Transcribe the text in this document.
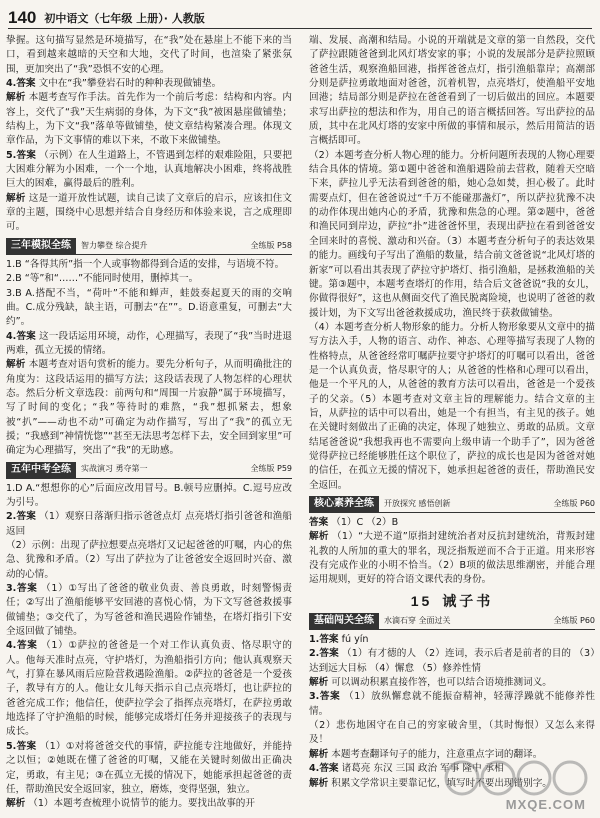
140 初中语文（七年级 上册）· 人教版

挚握。这句描写显然是环境描写，在“我”处在悬崖上不能下来的当口，看到越来越暗的天空和大地，交代了时间，也渲染了紧张氛围，更加突出了“我”恐惧不安的心理。

4.答案 文中在“我”攀登岩石时的种种表现做铺垫。

解析 本题考查写作手法。首先作为一个前后考虑：结构和内容。内容上，交代了“我”天生病弱的身体，为下文“我”被困悬崖做铺垫；结构上，为下文“我”落单等做铺垫，使文章结构紧凑合理。体现文章作品，为下文事情的难以下来，不敢下来做铺垫。

5.答案 （示例）在人生道路上，不管遇到怎样的艰难险阻，只要把大困难分解为小困难，一个一个地，认真地解决小困难，终将战胜巨大的困难，赢得最后的胜利。

解析 这是一道开放性试题，读自己读了文章后的启示，应该扣住文章的主题，围绕中心思想并结合自身经历和体验来说，言之成理即可。

三年模拟全练	智力攀登 综合提升	全练版 P58

1.B “各得其所”指一个人或事物都得到合适的安排，与语境不符。

2.B “等”和“……”不能同时使用，删掉其一。

3.B A.搭配不当，“荷叶”不能和蝉声，蛙鼓奏起夏天的雨的交响曲。C.成分残缺，缺主语，可删去“在””。D.语意重复，可删去“大约”。

4.答案 这一段话运用环境，动作，心理描写，表现了“我”当时进退两难，孤立无援的情绪。

解析 本题考查对语句赏析的能力。要先分析句子，从而明确批注的角度为：这段话运用的描写方法；这段话表现了人物怎样的心理状态。然后分析文章选段：前两句和“周围一片寂静”属于环境描写，写了时间的变化；“我”等待时的难熬，“我”想抓紧去，想象被“扒”——动也不动”可确定为动作描写，写出了“我”的孤立无援；“我感到”神情恍惚”“甚至无法思考怎样下去，安全回到家里”可确定为心理描写，突出了“我”的无助感。

五年中考全练	实战演习 勇夺第一	全练版 P59

1.D A.“想想你的心”后面应改用冒号。B.顿号应删掉。C.逗号应改为引号。

2.答案 （1）观察日落渐归指示爸爸点灯 点亮塔灯指引爸爸和渔船返回

（2）示例：出现了萨拉想要点亮塔灯又记起爸爸的叮嘱，内心的焦急、犹豫和矛盾。（2）写出了萨拉为了让爸爸安全返回时兴奋、激动的心情。

3.答案 （1）①写出了爸爸的敬业负责、善良勇敢，时刻警惕责任；②写出了渔船能够平安回港的喜悦心情，为下文写爸爸救援事做铺垫；③交代了，为写爸爸和渔民遇险作铺垫，在塔灯指引下安全返回做了铺垫。

4.答案 （1）①萨拉的爸爸是一个对工作认真负责、恪尽职守的人。他每天准时点亮，守护塔灯，为渔船指引方向；他认真观察天气，打算在暴风雨后应险营救遇险渔船。②萨拉的爸爸是一个爱孩子，教导有方的人。他让女儿每天指示自己点亮塔灯，也让萨拉的爸爸完成工作；他信任，使萨拉学会了指挥点亮塔灯，在萨拉勇敢地选择了守护渔船的时候，能够完成塔灯任务并迎接孩子的表现与成长。

5.答案 （1）①对将爸爸交代的事情，萨拉能专注地做好，并能持之以恒；②她既在懂了爸爸的叮嘱，又能在关键时刻做出正确决定，勇敢，有主见；③在孤立无援的情况下，她能承担起爸爸的责任，帮助渔民安全返回家，独立，磨炼，变得坚强，独立。

解析 （1）本题考查梳理小说情节的能力。要找出故事的开

端、发展、高潮和结局。小说的开端就是文章的第一自然段，交代了萨拉跟随爸爸到北风灯塔安家的事；小说的发展部分是萨拉照顾爸爸生活，观察渔船回港，指挥爸爸点灯，指引渔船靠岸；高潮部分则是萨拉勇敢地面对爸爸，沉着机智，点亮塔灯，使渔船平安地回港；结局部分则是萨拉在爸爸看到了一切后做出的回应。本题要求写出萨拉的想法和作为，用自己的语言概括回答。写出萨拉的品质，其中在北风灯塔的安家中所做的事情和展示，然后用简洁的语言概括即可。

（2）本题考查分析人物心理的能力。分析问题所表现的人物心理要结合具体的情境。第①题中爸爸和渔船遇险前去营救，随着天空暗下来，萨拉儿乎无法看到爸爸的船，她心急如焚，担心极了。此时需要点灯，但在爸爸说过“千万不能碰那盏灯”，所以萨拉犹豫不决的动作体现出她内心的矛盾，犹豫和焦急的心理。第②题中，爸爸和渔民同到岸边，萨拉“扑”进爸爸怀里，表现出萨拉在看到爸爸安全回来时的喜悦、激动和兴奋。（3）本题考查分析句子的表达效果的能力。画线句子写出了渔船的数量，结合前文爸爸说“北风灯塔的新家”可以看出其表现了萨拉守护塔灯、指引渔船，是拯救渔船的关键。第③题中，本题考查塔灯的作用，结合后文爸爸说“我的女儿，你做得很好”，这也从侧面交代了渔民脱离险境，也说明了爸爸的救援计划，为下文写出爸爸救援成功，渔民终于获救做铺垫。

（4）本题考查分析人物形象的能力。分析人物形象要从文章中的描写方法入手，人物的语言、动作、神态、心理等描写表现了人物的性格特点，从爸爸经常叮嘱萨拉要守护塔灯的叮嘱可以看出，爸爸是一个认真负责，恪尽职守的人；从爸爸的性格和心理可以看出，他是一个平凡的人，从爸爸的教育方法可以看出，爸爸是一个爱孩子的父亲。（5）本题考查对文章主旨的理解能力。结合文章的主旨，从萨拉的话中可以看出，她是一个有担当，有主见的孩子。她在关键时刻做出了正确的决定，体现了她独立、勇敢的品质。文章结尾爸爸说“我想我再也不需要向上级申请一个助手了”，因为爸爸觉得萨拉已经能够胜任这个职位了，萨拉的成长也是因为爸爸对她的信任，在孤立无援的情况下，她承担起爸爸的责任，帮助渔民安全返回。

核心素养全练	开放探究 感悟创新	全练版 P60

答案 （1）C （2）B

解析 （1）“大逆不道”原指封建统治者对反抗封建统治，背叛封建礼教的人所加的重大的罪名，现泛指叛逆而不合于正道。用来形容没有完成作业的小明不恰当。（2）B项的做法思维潮密，并能合理运用规则，更好的符合语文课代表的身份。

15 诫子书
基础闯关全练	水滴石穿 全面过关	全练版 P60

1.答案 fú yín

2.答案 （1）有才德的人 （2）连词，表示后者是前者的目的 （3）达到远大目标 （4）懈怠 （5）修养性情

解析 可以调动积累直接作答，也可以结合语境推测词义。

3.答案 （1）放纵懈怠就不能振奋精神，轻薄浮躁就不能修养性情。

（2）悲伤地困守在自己的穷家破舍里，（其时悔恨）又怎么来得及！

解析 本题考查翻译句子的能力，注意重点字词的翻译。

4.答案 诸葛亮 东汉 三国 政治 军事 隆中 承相

解析 积累文学常识主要靠记忆，填写时不要出现错别字。

MXQE.COM
